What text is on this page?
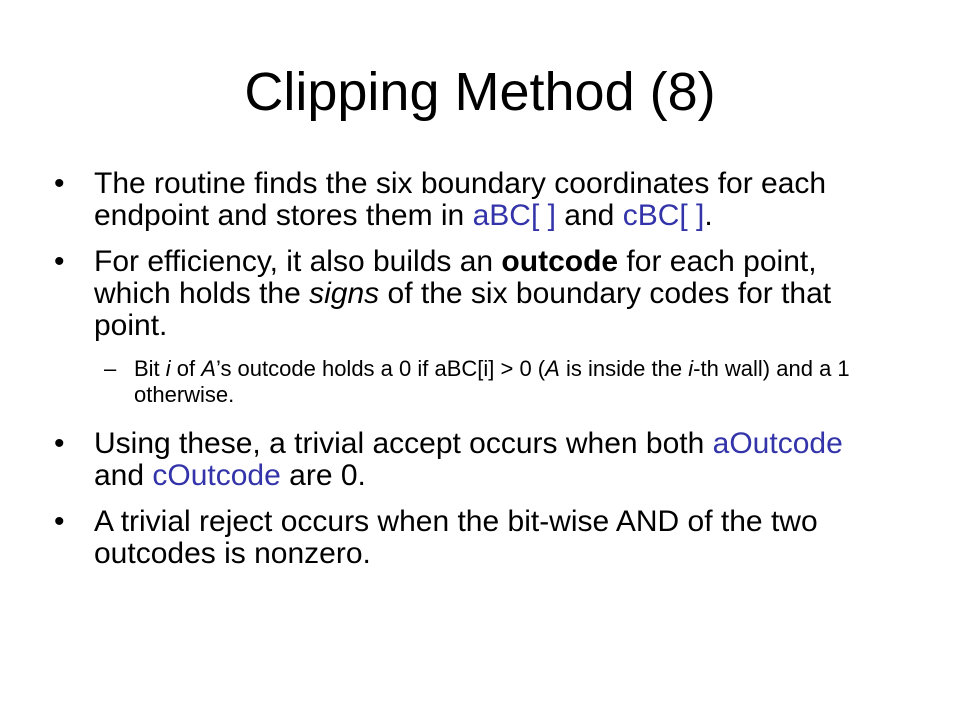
Clipping Method (8)
• The routine finds the six boundary coordinates for each endpoint and stores them in aBC[ ] and cBC[ ].
• For efficiency, it also builds an outcode for each point, which holds the signs of the six boundary codes for that point.
– Bit i of A’s outcode holds a 0 if aBC[i] > 0 (A is inside the i-th wall) and a 1 otherwise.
• Using these, a trivial accept occurs when both aOutcode and cOutcode are 0.
• A trivial reject occurs when the bit-wise AND of the two outcodes is nonzero.
